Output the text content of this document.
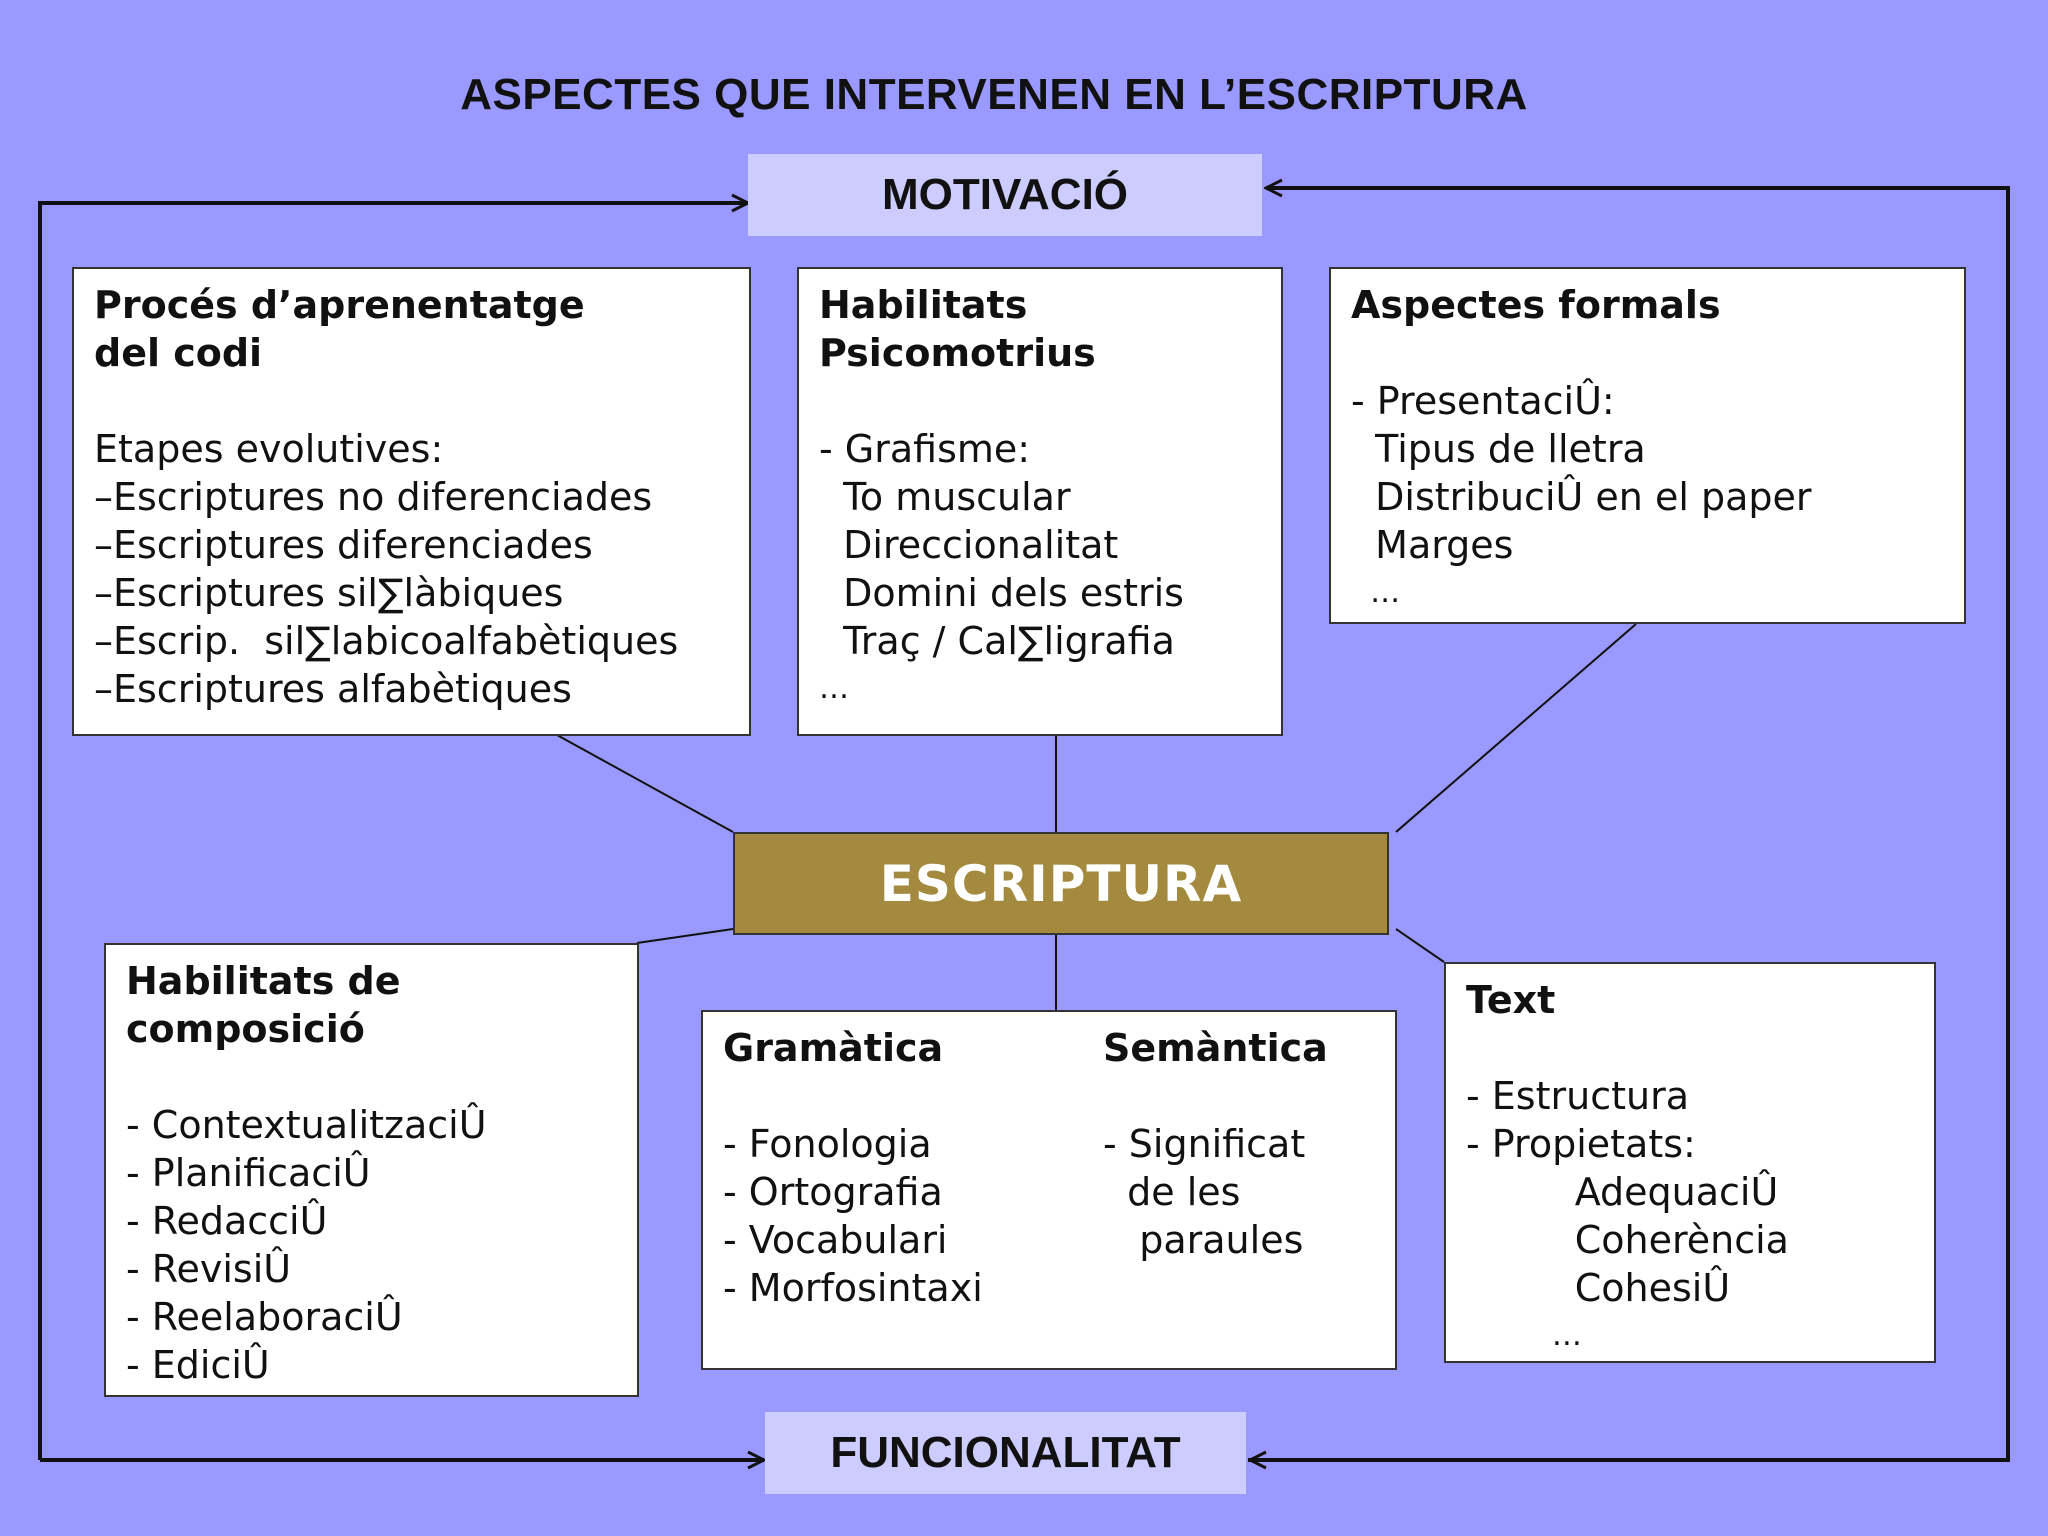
ASPECTES QUE INTERVENEN EN L’ESCRIPTURA
MOTIVACIÓ
FUNCIONALITAT
Procés d’aprenentatge
del codi
Etapes evolutives:
–Escriptures no diferenciades
–Escriptures diferenciades
–Escriptures sil∑làbiques
–Escrip.  sil∑labicoalfabètiques
–Escriptures alfabètiques
Habilitats
Psicomotrius
- Grafisme:
To muscular
Direccionalitat
Domini dels estris
Traç / Cal∑ligrafia
…
Aspectes formals
- PresentaciÛ:
Tipus de lletra
DistribuciÛ en el paper
Marges
…
ESCRIPTURA
Habilitats de
composició
- ContextualitzaciÛ
- PlanificaciÛ
- RedacciÛ
- RevisiÛ
- ReelaboraciÛ
- EdiciÛ
Gramàtica
- Fonologia
- Ortografia
- Vocabulari
- Morfosintaxi
Semàntica
- Significat
de les
paraules
Text
- Estructura
- Propietats:
AdequaciÛ
Coherència
CohesiÛ
…
